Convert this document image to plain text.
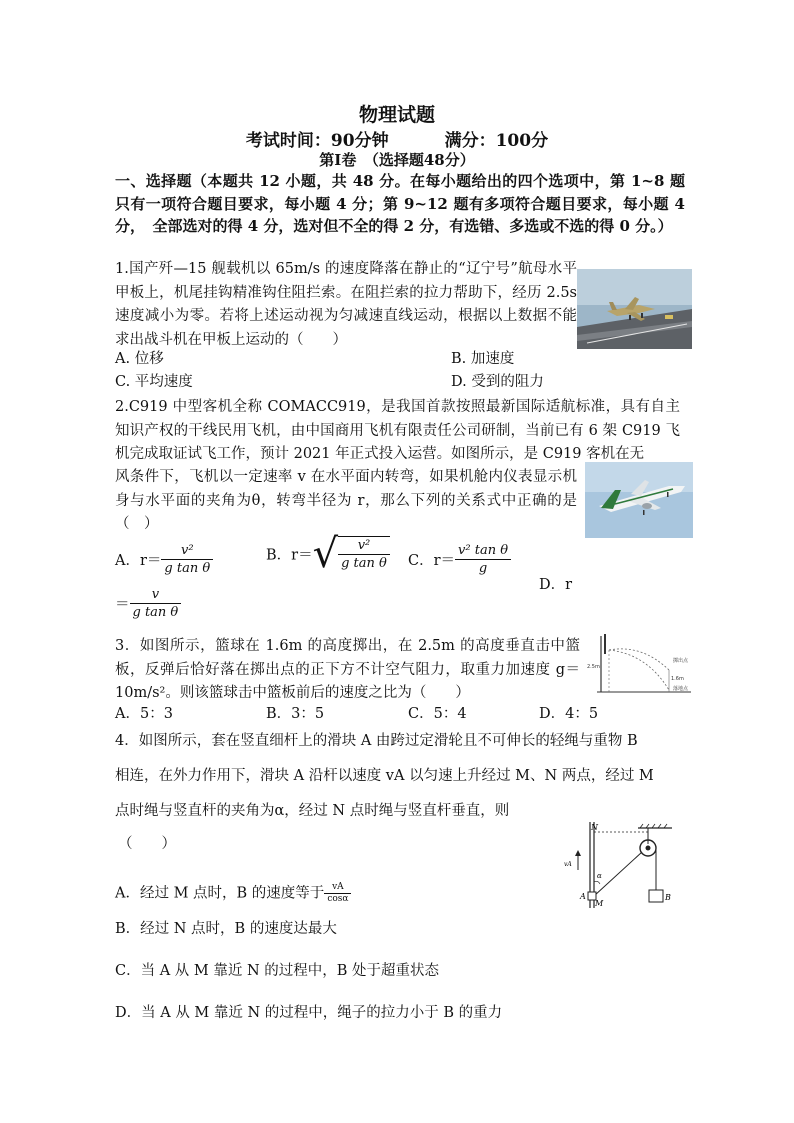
物理试题
考试时间：90分钟	满分：100分
第Ⅰ卷　（选择题48分）
一、选择题（本题共 12 小题，共 48 分。在每小题给出的四个选项中，第 1~8 题只有一项符合题目要求，每小题 4 分；第 9~12 题有多项符合题目要求，每小题 4 分，　全部选对的得 4 分，选对但不全的得 2 分，有选错、多选或不选的得 0 分。）
1.国产歼—15 舰载机以 65m/s 的速度降落在静止的“辽宁号”航母水平甲板上，机尾挂钩精准钩住阻拦索。在阻拦索的拉力帮助下，经历 2.5s 速度减小为零。若将上述运动视为匀减速直线运动，根据以上数据不能求出战斗机在甲板上运动的（　　）
A. 位移	B. 加速度
C. 平均速度	D. 受到的阻力
2.C919 中型客机全称 COMACC919，是我国首款按照最新国际适航标准，具有自主知识产权的干线民用飞机，由中国商用飞机有限责任公司研制，当前已有 6 架 C919 飞机完成取证试飞工作，预计 2021 年正式投入运营。如图所示，是 C919 客机在无
风条件下，飞机以一定速率 v 在水平面内转弯，如果机舱内仪表显示机身与水平面的夹角为θ，转弯半径为 r，那么下列的关系式中正确的是（　）
A．$r= \frac{\text{v²}}{\text{g tan θ}}$	B．$r=√ \frac{\text{v²}}{\text{g tan θ}}$ C．$r= \frac{\text{v² tan θ}}{g}$
D．r
＝ $\frac{v}{\text{g tan θ}}$
3．如图所示，篮球在 1.6m 的高度掷出，在 2.5m 的高度垂直击中篮板，反弹后恰好落在掷出点的正下方不计空气阻力，取重力加速度 g＝10m/s²。则该篮球击中篮板前后的速度之比为（　　）
2.5m
1.6m
掷出点
落地点
A．5：3	B．3：5	C．5：4	D．4：5
4．如图所示，套在竖直细杆上的滑块 A 由跨过定滑轮且不可伸长的轻绳与重物 B
相连，在外力作用下，滑块 A 沿杆以速度 vA 以匀速上升经过 M、N 两点，经过 M
点时绳与竖直杆的夹角为α，经过 N 点时绳与竖直杆垂直，则
（　　）
N
M
A	B
α
vA
A．经过 M 点时，B 的速度等于 $\frac{vA}{\cos\alpha}$
B．经过 N 点时，B 的速度达最大
C．当 A 从 M 靠近 N 的过程中，B 处于超重状态
D．当 A 从 M 靠近 N 的过程中，绳子的拉力小于 B 的重力
